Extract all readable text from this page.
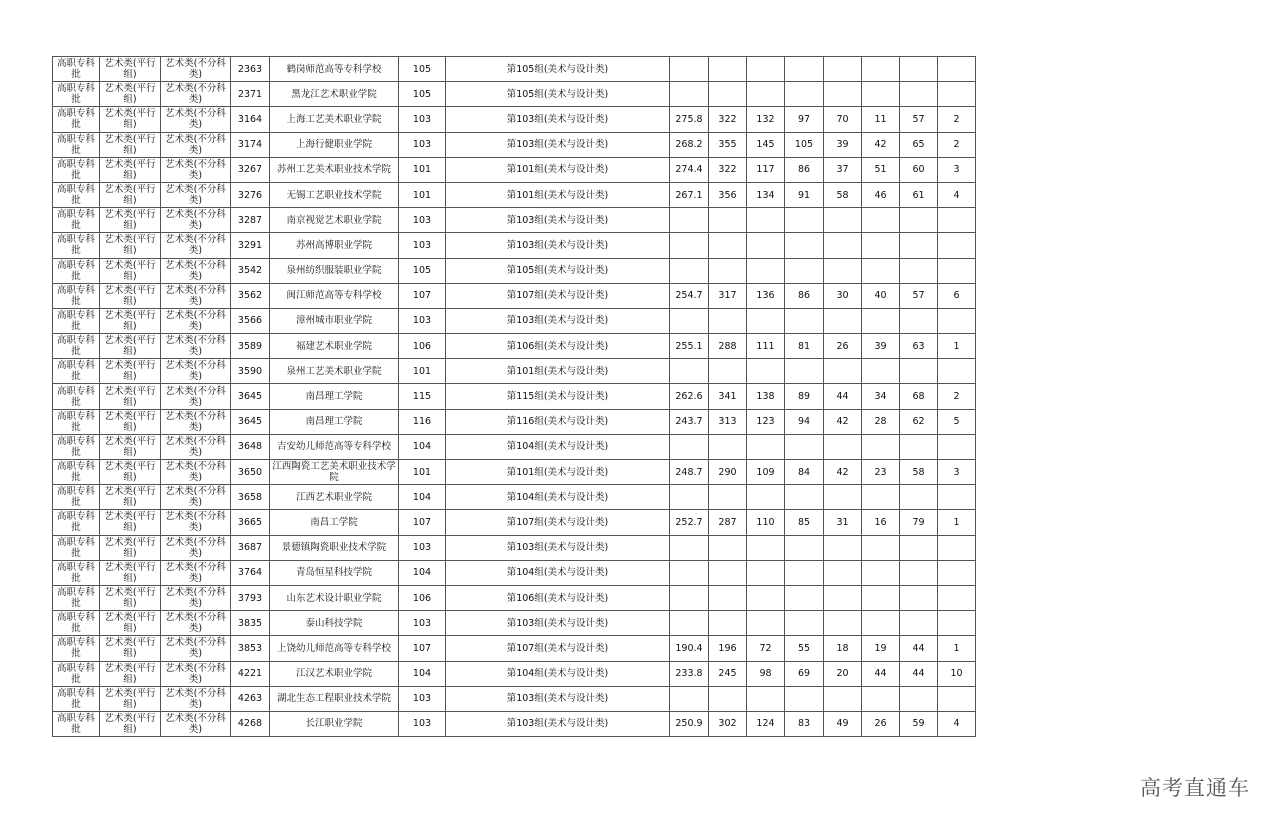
高职专科批	艺术类(平行组)	艺术类(不分科类)	2363	鹤岗师范高等专科学校	105	第105组(美术与设计类)								
高职专科批	艺术类(平行组)	艺术类(不分科类)	2371	黑龙江艺术职业学院	105	第105组(美术与设计类)								
高职专科批	艺术类(平行组)	艺术类(不分科类)	3164	上海工艺美术职业学院	103	第103组(美术与设计类)	275.8	322	132	97	70	11	57	2
高职专科批	艺术类(平行组)	艺术类(不分科类)	3174	上海行健职业学院	103	第103组(美术与设计类)	268.2	355	145	105	39	42	65	2
高职专科批	艺术类(平行组)	艺术类(不分科类)	3267	苏州工艺美术职业技术学院	101	第101组(美术与设计类)	274.4	322	117	86	37	51	60	3
高职专科批	艺术类(平行组)	艺术类(不分科类)	3276	无锡工艺职业技术学院	101	第101组(美术与设计类)	267.1	356	134	91	58	46	61	4
高职专科批	艺术类(平行组)	艺术类(不分科类)	3287	南京视觉艺术职业学院	103	第103组(美术与设计类)								
高职专科批	艺术类(平行组)	艺术类(不分科类)	3291	苏州高博职业学院	103	第103组(美术与设计类)								
高职专科批	艺术类(平行组)	艺术类(不分科类)	3542	泉州纺织服装职业学院	105	第105组(美术与设计类)								
高职专科批	艺术类(平行组)	艺术类(不分科类)	3562	闽江师范高等专科学校	107	第107组(美术与设计类)	254.7	317	136	86	30	40	57	6
高职专科批	艺术类(平行组)	艺术类(不分科类)	3566	漳州城市职业学院	103	第103组(美术与设计类)								
高职专科批	艺术类(平行组)	艺术类(不分科类)	3589	福建艺术职业学院	106	第106组(美术与设计类)	255.1	288	111	81	26	39	63	1
高职专科批	艺术类(平行组)	艺术类(不分科类)	3590	泉州工艺美术职业学院	101	第101组(美术与设计类)								
高职专科批	艺术类(平行组)	艺术类(不分科类)	3645	南昌理工学院	115	第115组(美术与设计类)	262.6	341	138	89	44	34	68	2
高职专科批	艺术类(平行组)	艺术类(不分科类)	3645	南昌理工学院	116	第116组(美术与设计类)	243.7	313	123	94	42	28	62	5
高职专科批	艺术类(平行组)	艺术类(不分科类)	3648	吉安幼儿师范高等专科学校	104	第104组(美术与设计类)								
高职专科批	艺术类(平行组)	艺术类(不分科类)	3650	江西陶瓷工艺美术职业技术学院	101	第101组(美术与设计类)	248.7	290	109	84	42	23	58	3
高职专科批	艺术类(平行组)	艺术类(不分科类)	3658	江西艺术职业学院	104	第104组(美术与设计类)								
高职专科批	艺术类(平行组)	艺术类(不分科类)	3665	南昌工学院	107	第107组(美术与设计类)	252.7	287	110	85	31	16	79	1
高职专科批	艺术类(平行组)	艺术类(不分科类)	3687	景德镇陶瓷职业技术学院	103	第103组(美术与设计类)								
高职专科批	艺术类(平行组)	艺术类(不分科类)	3764	青岛恒星科技学院	104	第104组(美术与设计类)								
高职专科批	艺术类(平行组)	艺术类(不分科类)	3793	山东艺术设计职业学院	106	第106组(美术与设计类)								
高职专科批	艺术类(平行组)	艺术类(不分科类)	3835	泰山科技学院	103	第103组(美术与设计类)								
高职专科批	艺术类(平行组)	艺术类(不分科类)	3853	上饶幼儿师范高等专科学校	107	第107组(美术与设计类)	190.4	196	72	55	18	19	44	1
高职专科批	艺术类(平行组)	艺术类(不分科类)	4221	江汉艺术职业学院	104	第104组(美术与设计类)	233.8	245	98	69	20	44	44	10
高职专科批	艺术类(平行组)	艺术类(不分科类)	4263	湖北生态工程职业技术学院	103	第103组(美术与设计类)								
高职专科批	艺术类(平行组)	艺术类(不分科类)	4268	长江职业学院	103	第103组(美术与设计类)	250.9	302	124	83	49	26	59	4
高考直通车
